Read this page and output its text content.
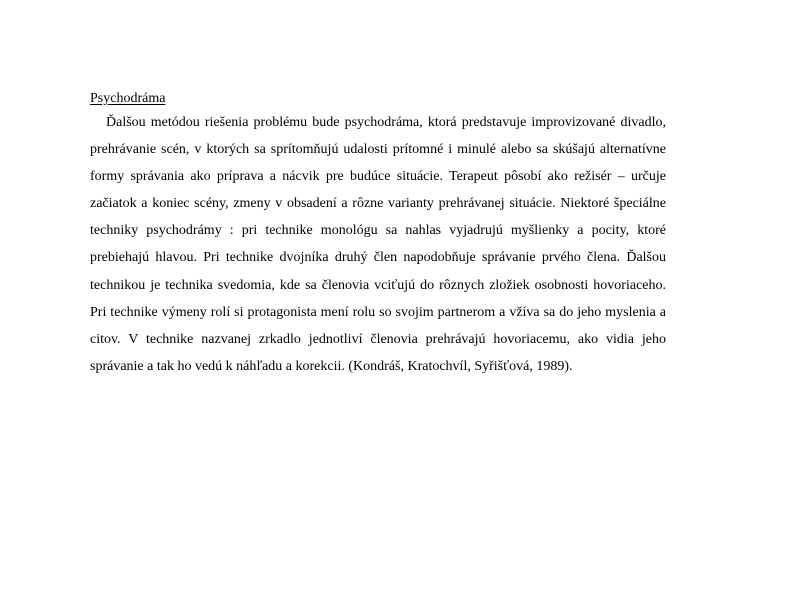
Psychodráma

Ďalšou metódou riešenia problému bude psychodráma, ktorá predstavuje improvizované divadlo, prehrávanie scén, v ktorých sa sprítomňujú udalosti prítomné i minulé alebo sa skúšajú alternatívne formy správania ako príprava a nácvik pre budúce situácie. Terapeut pôsobí ako režisér – určuje začiatok a koniec scény, zmeny v obsadení a rôzne varianty prehrávanej situácie. Niektoré špeciálne techniky psychodrámy : pri technike monológu sa nahlas vyjadrujú myšlienky a pocity, ktoré prebiehajú hlavou. Pri technike dvojníka druhý člen napodobňuje správanie prvého člena. Ďalšou technikou je technika svedomia, kde sa členovia vciťujú do rôznych zložiek osobnosti hovoriaceho. Pri technike výmeny rolí si protagonista mení rolu so svojim partnerom a vžíva sa do jeho myslenia a citov. V technike nazvanej zrkadlo jednotliví členovia prehrávajú hovoriacemu, ako vidia jeho správanie a tak ho vedú k náhľadu a korekcii. (Kondráš, Kratochvíl, Syřišťová, 1989).
